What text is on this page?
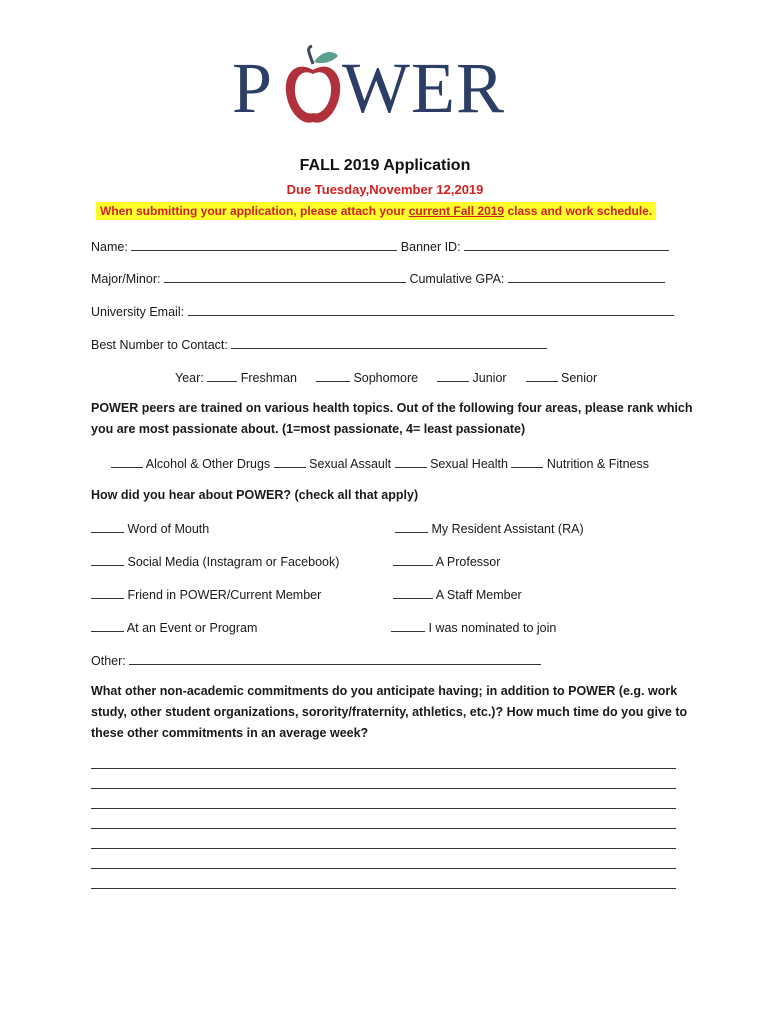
P WER
FALL 2019 Application
Due Tuesday,November 12,2019
When submitting your application, please attach your current Fall 2019 class and work schedule.
Name:	Banner ID:
Major/Minor:	Cumulative GPA:
University Email:
Best Number to Contact:
Year:	Freshman	Sophomore	Junior	Senior
POWER peers are trained on various health topics. Out of the following four areas, please rank which
you are most passionate about. (1=most passionate, 4= least passionate)
Alcohol & Other Drugs	Sexual Assault	Sexual Health	Nutrition & Fitness
How did you hear about POWER? (check all that apply)
Word of Mouth	My Resident Assistant (RA)
Social Media (Instagram or Facebook)	A Professor
Friend in POWER/Current Member	A Staff Member
At an Event or Program	I was nominated to join
Other:
What other non-academic commitments do you anticipate having; in addition to POWER (e.g. work
study, other student organizations, sorority/fraternity, athletics, etc.)? How much time do you give to
these other commitments in an average week?
